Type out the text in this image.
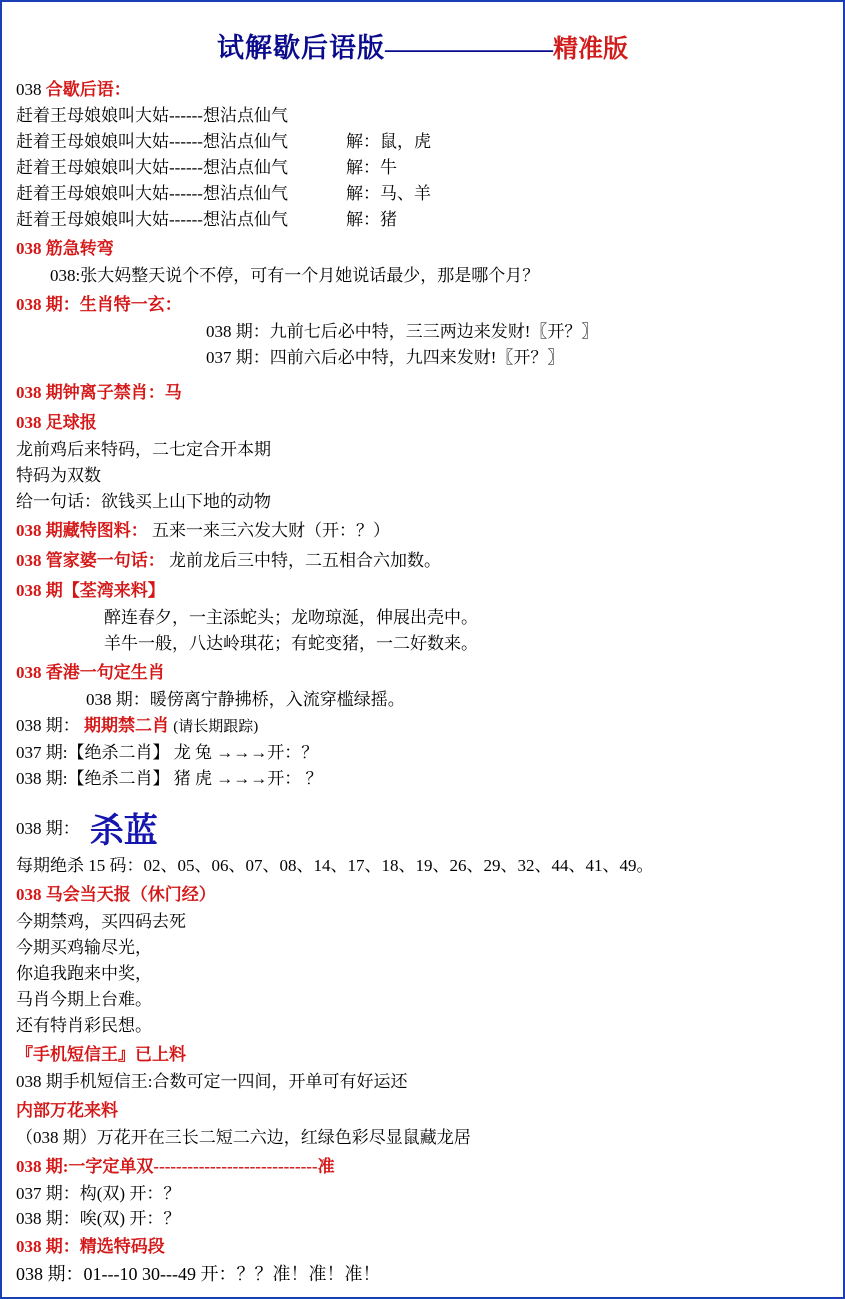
试解歇后语版———————精准版
038 合歇后语：
赶着王母娘娘叫大姑------想沾点仙气
赶着王母娘娘叫大姑------想沾点仙气	解：鼠，虎
赶着王母娘娘叫大姑------想沾点仙气	解：牛
赶着王母娘娘叫大姑------想沾点仙气	解：马、羊
赶着王母娘娘叫大姑------想沾点仙气	解：猪
038 筋急转弯
038:张大妈整天说个不停，可有一个月她说话最少，那是哪个月？
038 期：生肖特一玄：
038 期：九前七后必中特，三三两边来发财!〖开？〗
037 期：四前六后必中特，九四来发财!〖开？〗
038 期钟离子禁肖：马
038 足球报
龙前鸡后来特码，二七定合开本期
特码为双数
给一句话：欲钱买上山下地的动物
038 期藏特图料： 五来一来三六发大财（开：？）
038 管家婆一句话： 龙前龙后三中特，二五相合六加数。
038 期【荃湾来料】
醉连春夕，一主添蛇头；龙吻琼涎，伸展出壳中。
羊牛一般，八达岭琪花；有蛇变猪，一二好数来。
038 香港一句定生肖
038 期：暖傍离宁静拂桥，入流穿槛绿摇。
038 期： 期期禁二肖 (请长期跟踪)
037 期:【绝杀二肖】 龙 兔 →→→开：？
038 期:【绝杀二肖】 猪 虎 →→→开： ？
038 期： 杀蓝
每期绝杀 15 码：02、05、06、07、08、14、17、18、19、26、29、32、44、41、49。
038 马会当天报（休门经）
今期禁鸡，买四码去死
今期买鸡输尽光，
你追我跑来中奖，
马肖今期上台难。
还有特肖彩民想。
『手机短信王』已上料
038 期手机短信王:合数可定一四间，开单可有好运还
内部万花来料
（038 期）万花开在三长二短二六边，红绿色彩尽显鼠藏龙居
038 期:一字定单双-----------------------------准
037 期：构(双) 开：？
038 期：唉(双) 开：？
038 期：精选特码段
038 期：01---10 30---49 开：？？准！准！准！
